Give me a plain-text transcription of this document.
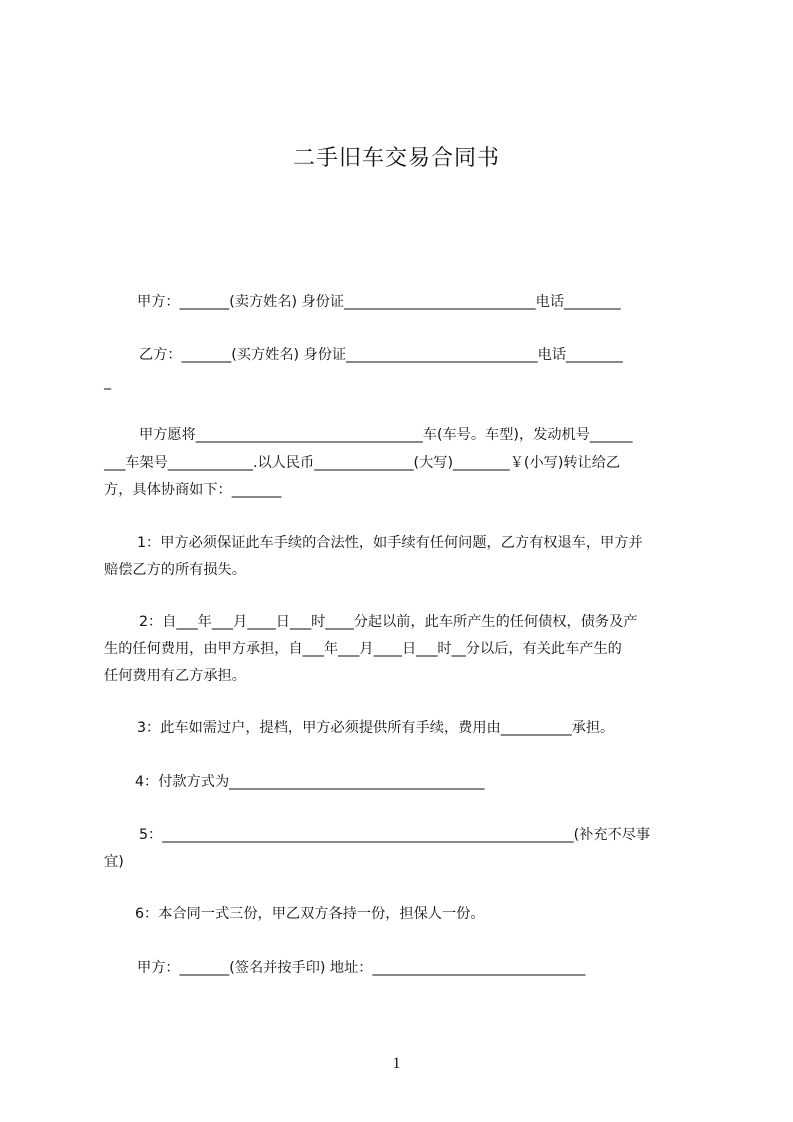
二手旧车交易合同书
甲方：_______(卖方姓名) 身份证___________________________电话________
乙方：_______(买方姓名) 身份证___________________________电话________
_
甲方愿将________________________________车(车号。车型)，发动机号______
___车架号____________.以人民币______________(大写)________￥(小写)转让给乙
方，具体协商如下：_______
1：甲方必须保证此车手续的合法性，如手续有任何问题，乙方有权退车，甲方并
赔偿乙方的所有损失。
2：自___年___月____日___时____分起以前，此车所产生的任何债权，债务及产
生的任何费用，由甲方承担，自___年___月____日___时__分以后，有关此车产生的
任何费用有乙方承担。
3：此车如需过户，提档，甲方必须提供所有手续，费用由__________承担。
4：付款方式为____________________________________
5：__________________________________________________________(补充不尽事
宜)
6：本合同一式三份，甲乙双方各持一份，担保人一份。
甲方：_______(签名并按手印) 地址：______________________________
1
